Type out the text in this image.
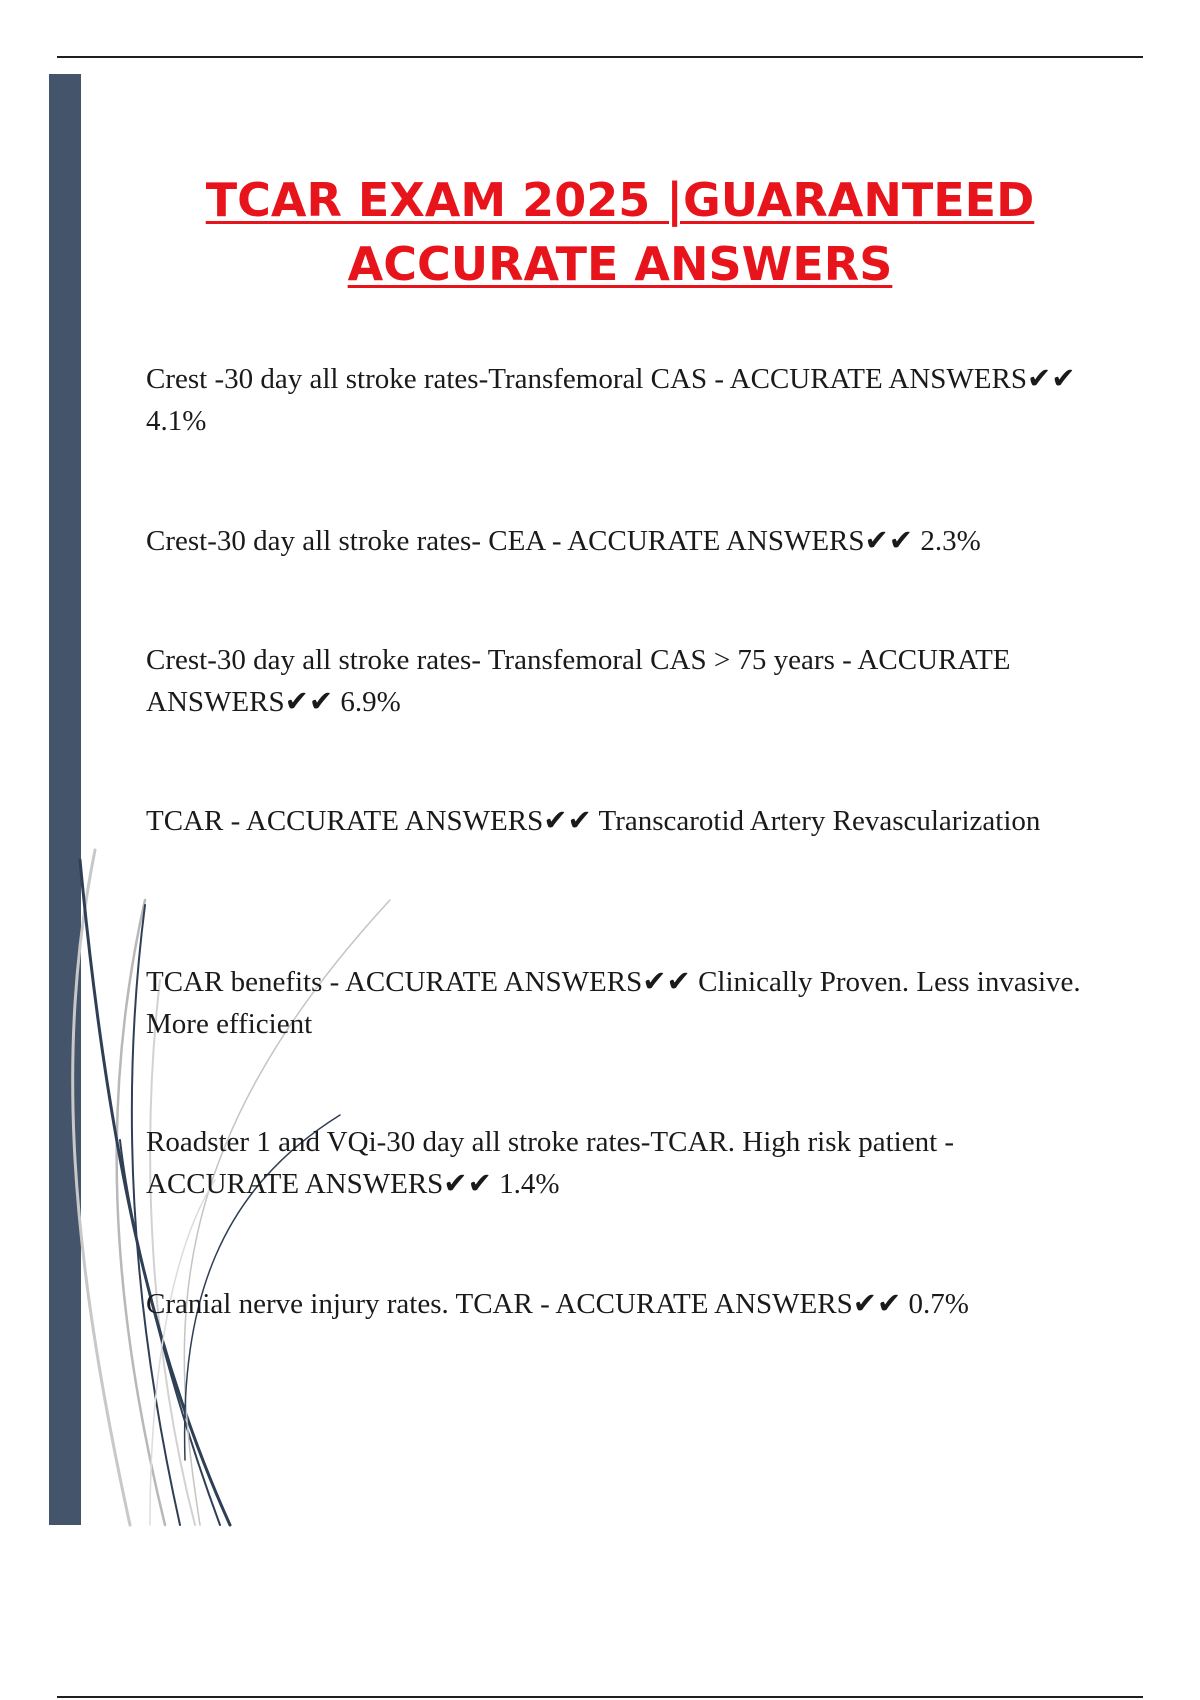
TCAR EXAM 2025 |GUARANTEED
ACCURATE ANSWERS

Crest -30 day all stroke rates-Transfemoral CAS - ACCURATE ANSWERS✔✔ 4.1%

Crest-30 day all stroke rates- CEA - ACCURATE ANSWERS✔✔ 2.3%

Crest-30 day all stroke rates- Transfemoral CAS > 75 years - ACCURATE ANSWERS✔✔ 6.9%

TCAR - ACCURATE ANSWERS✔✔ Transcarotid Artery Revascularization

TCAR benefits - ACCURATE ANSWERS✔✔ Clinically Proven. Less invasive. More efficient

Roadster 1 and VQi-30 day all stroke rates-TCAR. High risk patient - ACCURATE ANSWERS✔✔ 1.4%

Cranial nerve injury rates. TCAR - ACCURATE ANSWERS✔✔ 0.7%
